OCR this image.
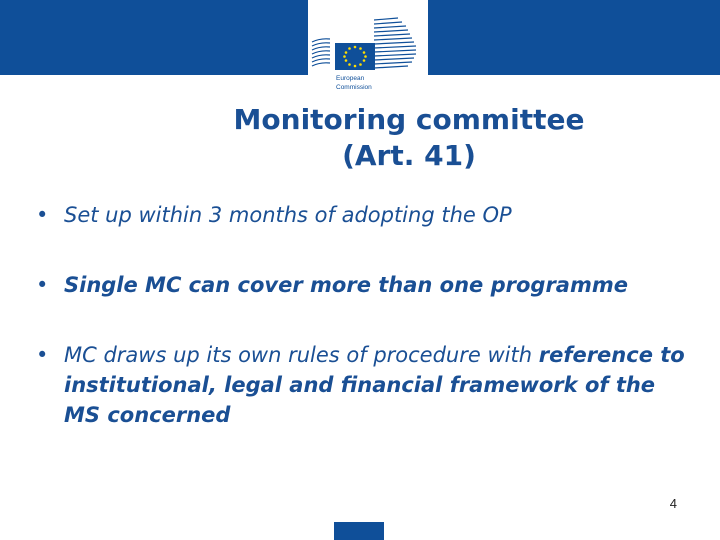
European
Commission
Monitoring committee
(Art. 41)
• Set up within 3 months of adopting the OP
• Single MC can cover more than one programme
• MC draws up its own rules of procedure with reference to institutional, legal and financial framework of the MS concerned
4
